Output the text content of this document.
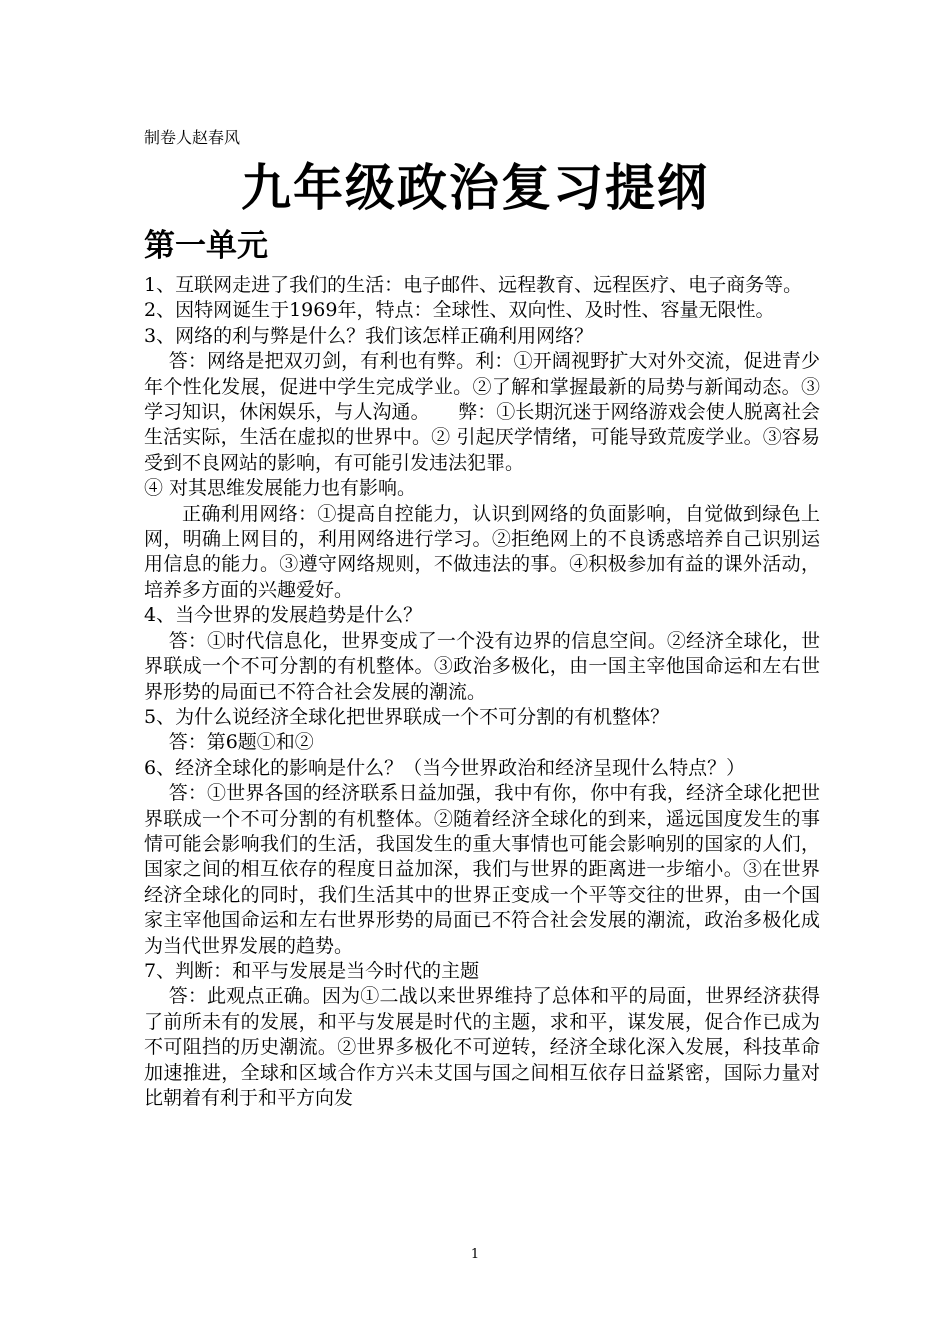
制卷人赵春风
九年级政治复习提纲
第一单元

1、互联网走进了我们的生活：电子邮件、远程教育、远程医疗、电子商务等。

2、因特网诞生于1969年，特点：全球性、双向性、及时性、容量无限性。

3、网络的利与弊是什么？我们该怎样正确利用网络？

答：网络是把双刃剑，有利也有弊。利：①开阔视野扩大对外交流，促进青少年个性化发展，促进中学生完成学业。②了解和掌握最新的局势与新闻动态。③学习知识，休闲娱乐，与人沟通。　　弊：①长期沉迷于网络游戏会使人脱离社会生活实际，生活在虚拟的世界中。② 引起厌学情绪，可能导致荒废学业。③容易受到不良网站的影响，有可能引发违法犯罪。

④ 对其思维发展能力也有影响。

正确利用网络：①提高自控能力，认识到网络的负面影响，自觉做到绿色上网，明确上网目的，利用网络进行学习。②拒绝网上的不良诱惑培养自己识别运用信息的能力。③遵守网络规则，不做违法的事。④积极参加有益的课外活动，培养多方面的兴趣爱好。

4、当今世界的发展趋势是什么？

答：①时代信息化，世界变成了一个没有边界的信息空间。②经济全球化，世界联成一个不可分割的有机整体。③政治多极化，由一国主宰他国命运和左右世界形势的局面已不符合社会发展的潮流。

5、为什么说经济全球化把世界联成一个不可分割的有机整体？

答：第6题①和②

6、经济全球化的影响是什么？（当今世界政治和经济呈现什么特点？）

答：①世界各国的经济联系日益加强，我中有你，你中有我，经济全球化把世界联成一个不可分割的有机整体。②随着经济全球化的到来，遥远国度发生的事情可能会影响我们的生活，我国发生的重大事情也可能会影响别的国家的人们，国家之间的相互依存的程度日益加深，我们与世界的距离进一步缩小。③在世界经济全球化的同时，我们生活其中的世界正变成一个平等交往的世界，由一个国家主宰他国命运和左右世界形势的局面已不符合社会发展的潮流，政治多极化成为当代世界发展的趋势。

7、判断：和平与发展是当今时代的主题

答：此观点正确。因为①二战以来世界维持了总体和平的局面，世界经济获得了前所未有的发展，和平与发展是时代的主题，求和平，谋发展，促合作已成为不可阻挡的历史潮流。②世界多极化不可逆转，经济全球化深入发展，科技革命加速推进，全球和区域合作方兴未艾国与国之间相互依存日益紧密，国际力量对比朝着有利于和平方向发

1
